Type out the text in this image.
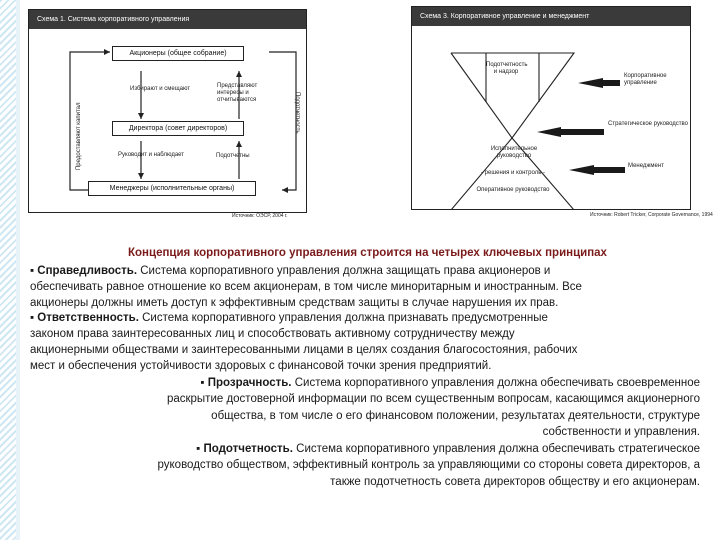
Схема 1. Система корпоративного управления
Акционеры (общее собрание)
Директора (совет директоров)
Менеджеры (исполнительные органы)
Избирают и смещают	Представляют интересы и отчитываются
Руководит и наблюдает	Подотчетны
Предоставляют капитал	Подотчетность
Источник: ОЭСР, 2004 г.
Схема 3. Корпоративное управление и менеджмент
Подотчетность и надзор
Исполнительное руководство
- решения и контроль -
Оперативное руководство
Корпоративное управление
Стратегическое руководство
Менеджмент
Источник: Robert Tricker, Corporate Governance, 1994
Концепция корпоративного управления строится на четырех ключевых принципах
▪ Справедливость. Система корпоративного управления должна защищать права акционеров и
обеспечивать равное отношение ко всем акционерам, в том числе миноритарным и иностранным. Все
акционеры должны иметь доступ к эффективным средствам защиты в случае нарушения их прав.
▪ Ответственность. Система корпоративного управления должна признавать предусмотренные
законом права заинтересованных лиц и способствовать активному сотрудничеству между
акционерными обществами и заинтересованными лицами в целях создания благосостояния, рабочих
мест и обеспечения устойчивости здоровых с финансовой точки зрения предприятий.
▪ Прозрачность. Система корпоративного управления должна обеспечивать своевременное
раскрытие достоверной информации по всем существенным вопросам, касающимся акционерного
общества, в том числе о его финансовом положении, результатах деятельности, структуре
собственности и управления.
▪ Подотчетность. Система корпоративного управления должна обеспечивать стратегическое
руководство обществом, эффективный контроль за управляющими со стороны совета директоров, а
также подотчетность совета директоров обществу и его акционерам.
